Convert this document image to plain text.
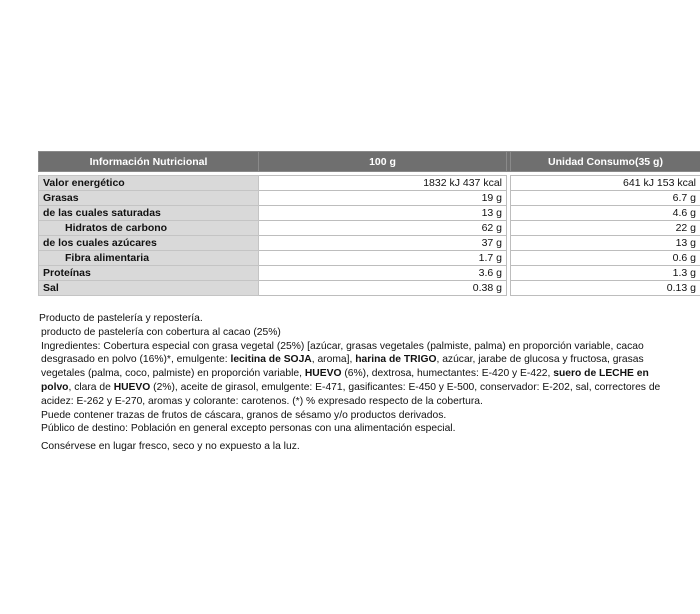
Información Nutricional	100 g		Unidad Consumo(35 g)

Valor energético	1832 kJ 437 kcal		641 kJ 153 kcal
Grasas	19 g		6.7 g
de las cuales saturadas	13 g		4.6 g
Hidratos de carbono	62 g		22 g
de los cuales azúcares	37 g		13 g
Fibra alimentaria	1.7 g		0.6 g
Proteínas	3.6 g		1.3 g
Sal	0.38 g		0.13 g

Producto de pastelería y repostería.

producto de pastelería con cobertura al cacao (25%)

Ingredientes: Cobertura especial con grasa vegetal (25%) [azúcar, grasas vegetales (palmiste, palma) en proporción variable, cacao desgrasado en polvo (16%)*, emulgente: lecitina de SOJA, aroma], harina de TRIGO, azúcar, jarabe de glucosa y fructosa, grasas vegetales (palma, coco, palmiste) en proporción variable, HUEVO (6%), dextrosa, humectantes: E-420 y E-422, suero de LECHE en polvo, clara de HUEVO (2%), aceite de girasol, emulgente: E-471, gasificantes: E-450 y E-500, conservador: E-202, sal, correctores de acidez: E-262 y E-270, aromas y colorante: carotenos. (*) % expresado respecto de la cobertura.

Puede contener trazas de frutos de cáscara, granos de sésamo y/o productos derivados.

Público de destino: Población en general excepto personas con una alimentación especial.

Consérvese en lugar fresco, seco y no expuesto a la luz.
